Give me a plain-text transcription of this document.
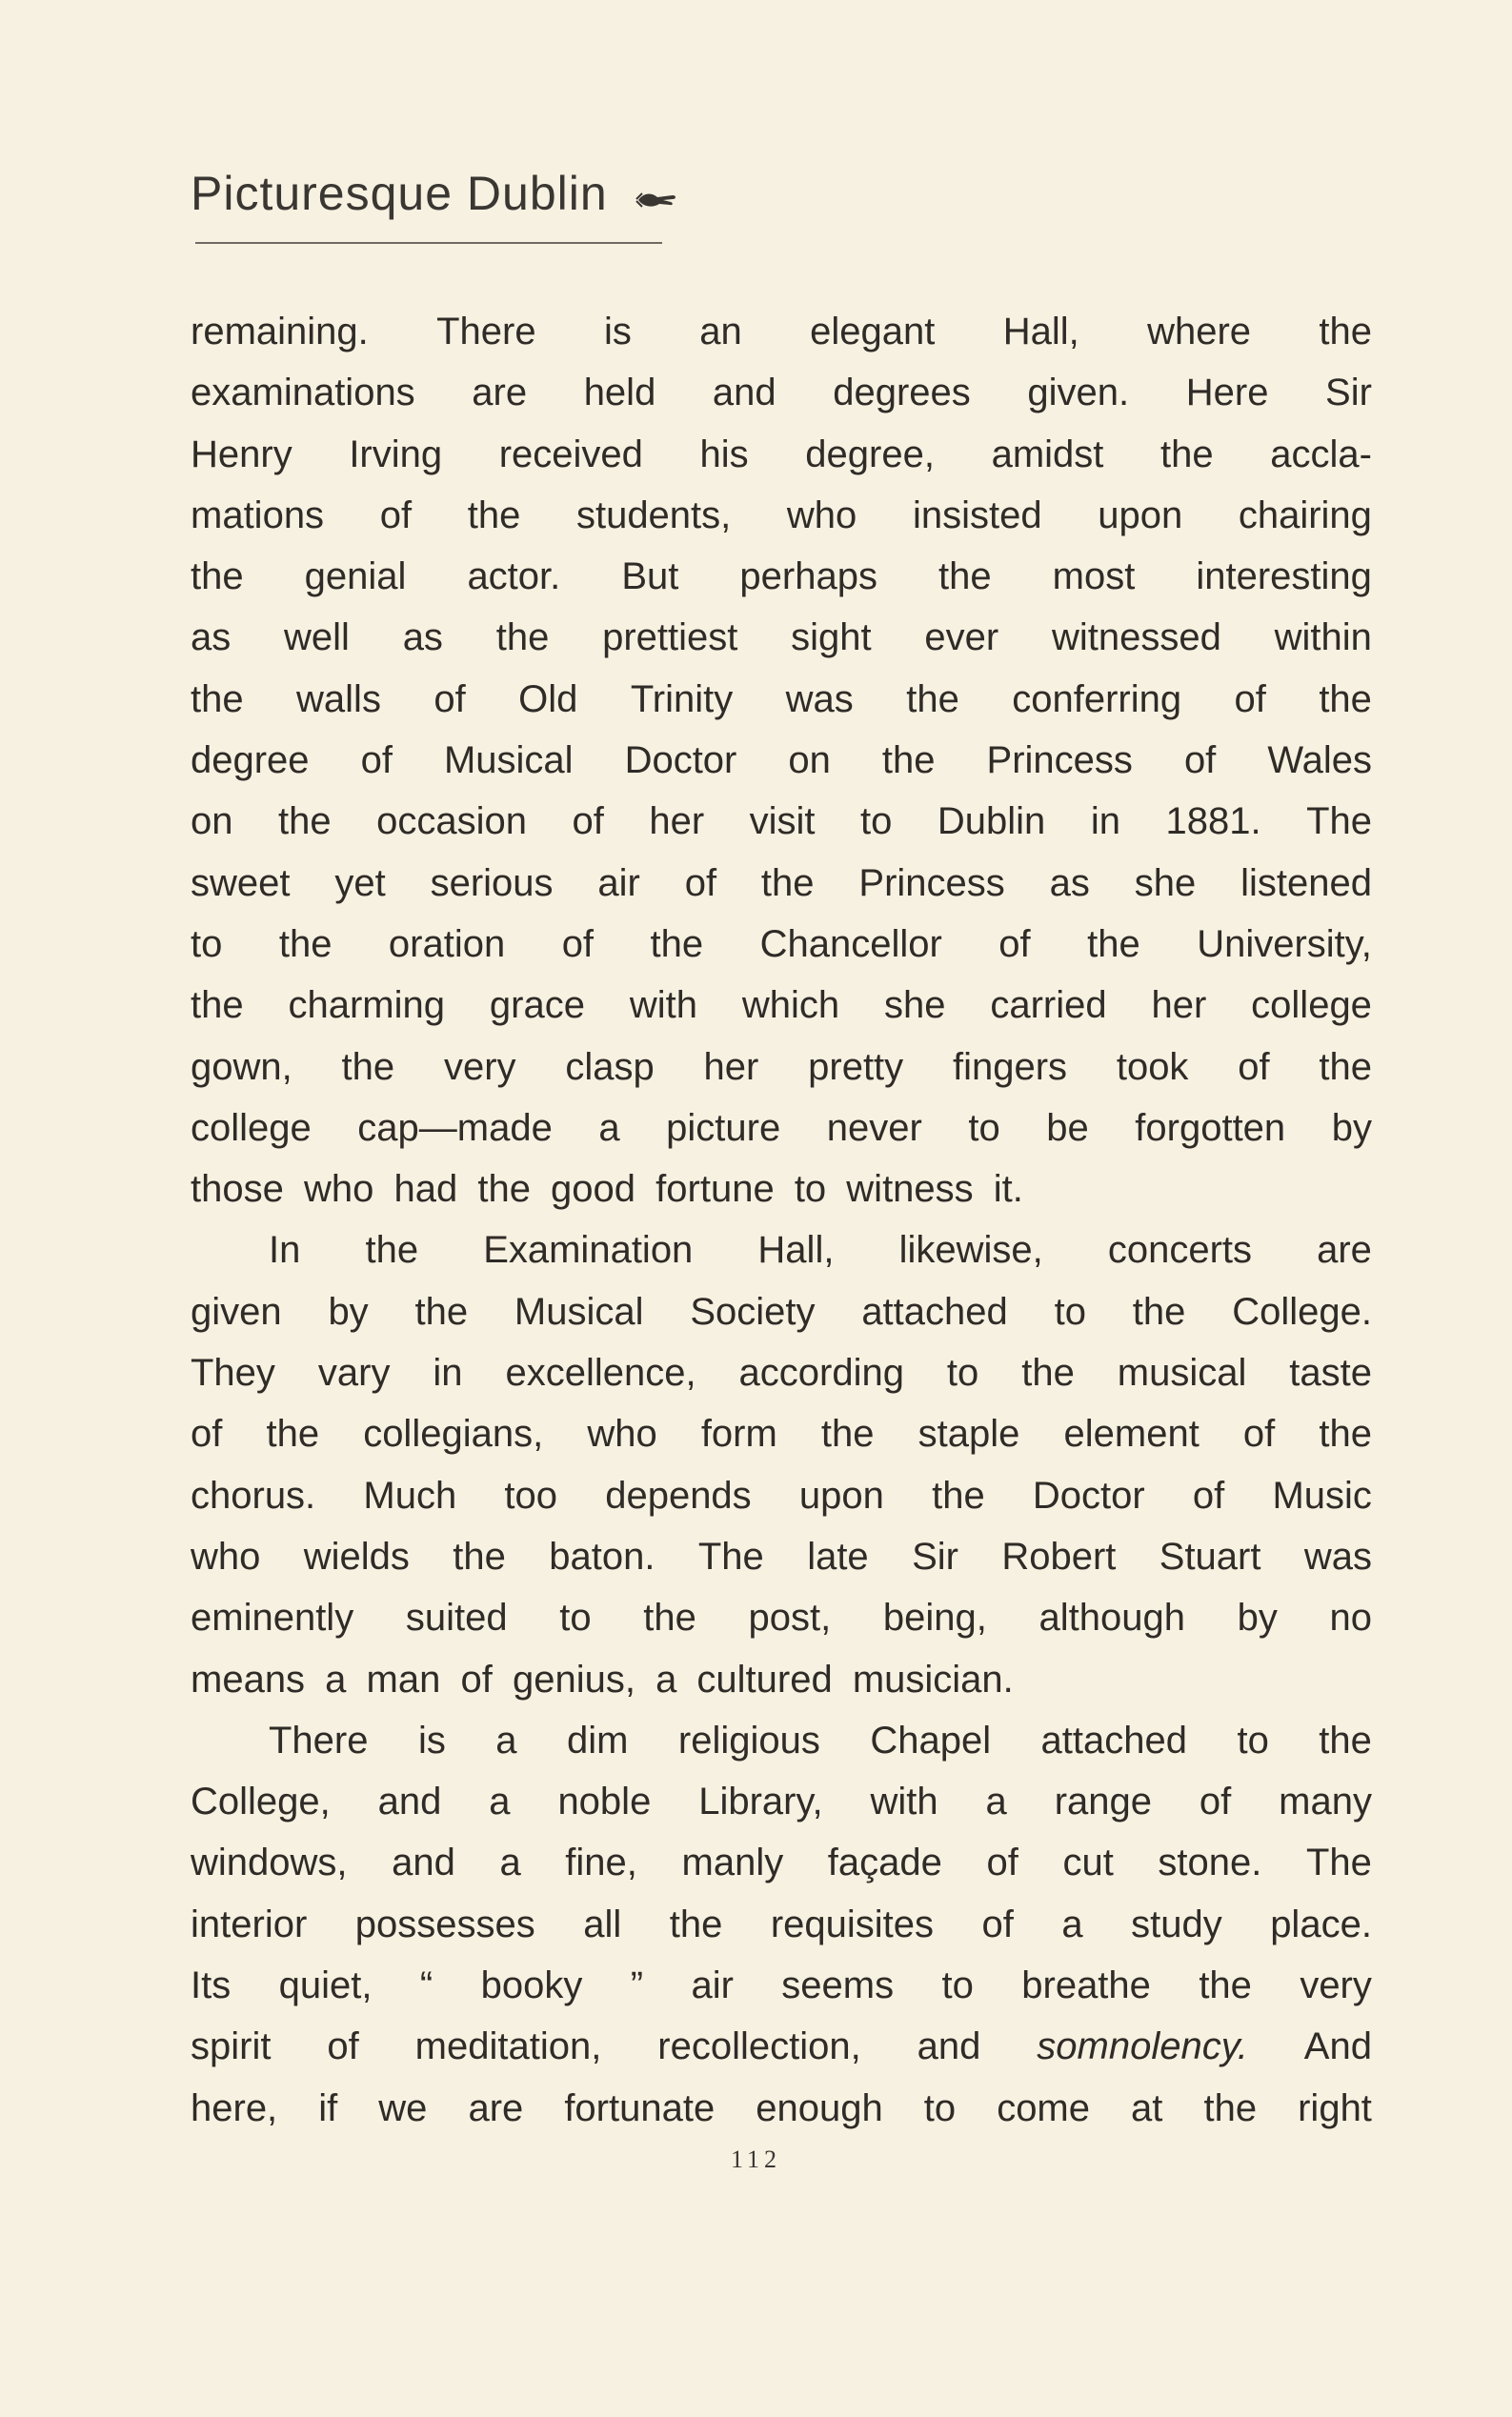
Picturesque Dublin
remaining. There is an elegant Hall, where the
examinations are held and degrees given. Here Sir
Henry Irving received his degree, amidst the accla-
mations of the students, who insisted upon chairing
the genial actor. But perhaps the most interesting
as well as the prettiest sight ever witnessed within
the walls of Old Trinity was the conferring of the
degree of Musical Doctor on the Princess of Wales
on the occasion of her visit to Dublin in 1881. The
sweet yet serious air of the Princess as she listened
to the oration of the Chancellor of the University,
the charming grace with which she carried her college
gown, the very clasp her pretty fingers took of the
college cap—made a picture never to be forgotten by
those who had the good fortune to witness it.
In the Examination Hall, likewise, concerts are
given by the Musical Society attached to the College.
They vary in excellence, according to the musical taste
of the collegians, who form the staple element of the
chorus. Much too depends upon the Doctor of Music
who wields the baton. The late Sir Robert Stuart was
eminently suited to the post, being, although by no
means a man of genius, a cultured musician.
There is a dim religious Chapel attached to the
College, and a noble Library, with a range of many
windows, and a fine, manly façade of cut stone. The
interior possesses all the requisites of a study place.
Its quiet, “ booky ” air seems to breathe the very
spirit of meditation, recollection, and somnolency. And
here, if we are fortunate enough to come at the right
112
